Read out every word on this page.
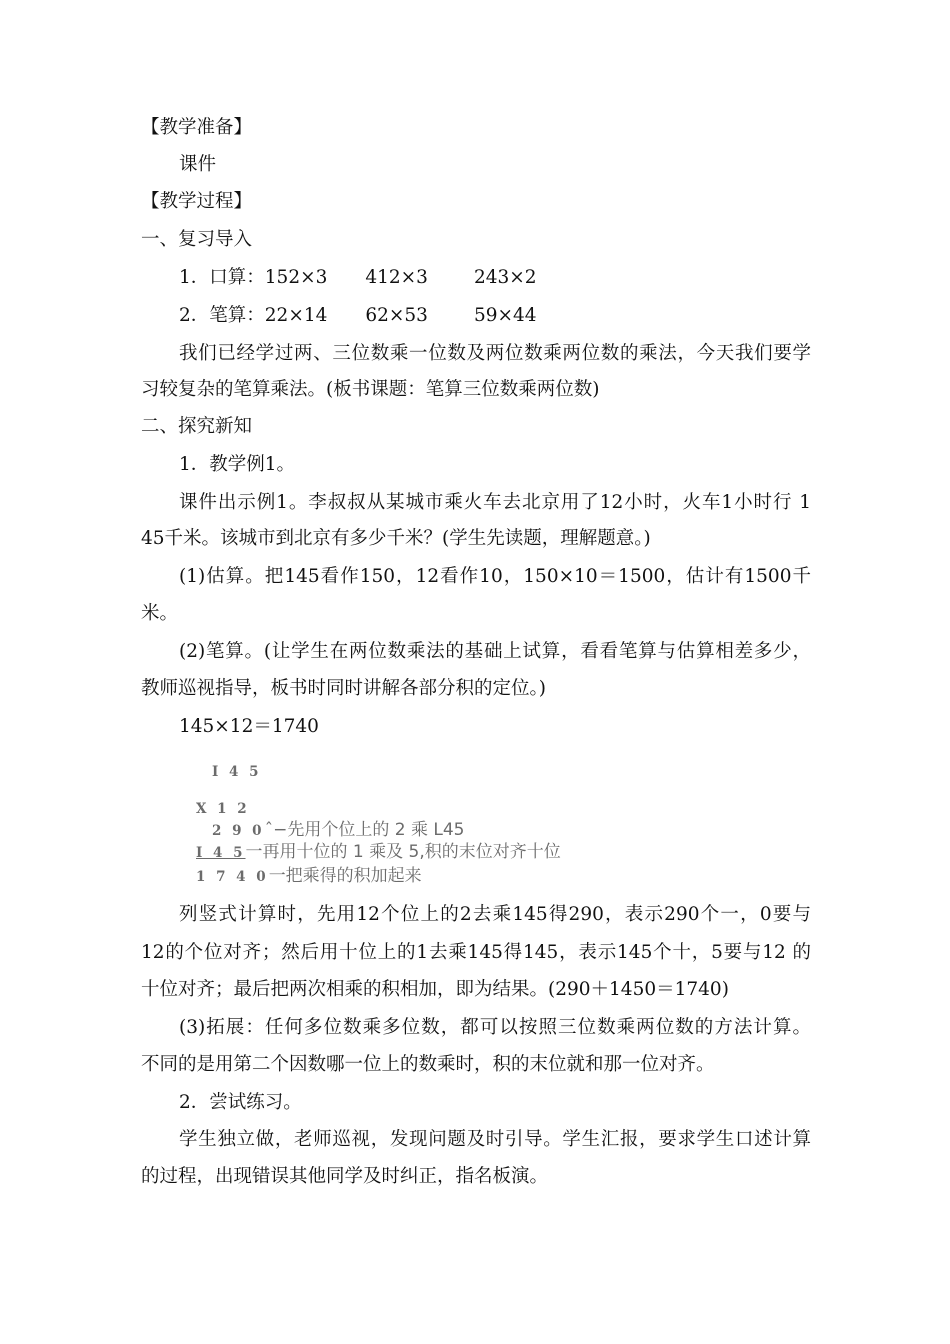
【教学准备】
课件
【教学过程】
一、复习导入
1．口算：152×3 412×3 243×2
2．笔算：22×14 62×53 59×44
我们已经学过两、三位数乘一位数及两位数乘两位数的乘法，今天我们要学
习较复杂的笔算乘法。(板书课题：笔算三位数乘两位数)
二、探究新知
1．教学例1。
课件出示例1。李叔叔从某城市乘火车去北京用了12小时，火车1小时行 1
45千米。该城市到北京有多少千米？(学生先读题，理解题意。)
(1)估算。把145看作150，12看作10，150×10＝1500，估计有1500千
米。
(2)笔算。(让学生在两位数乘法的基础上试算，看看笔算与估算相差多少，
教师巡视指导，板书时同时讲解各部分积的定位。)
145×12＝1740
I 4 5
X 1 2
2 9 0ˆ−先用个位上的 2 乘 L45
I 4 5一再用十位的 1 乘及 5,积的末位对齐十位
1 7 4 0一把乘得的积加起来
列竖式计算时，先用12个位上的2去乘145得290，表示290个一，0要与
12的个位对齐；然后用十位上的1去乘145得145，表示145个十，5要与12 的
十位对齐；最后把两次相乘的积相加，即为结果。(290＋1450＝1740)
(3)拓展：任何多位数乘多位数，都可以按照三位数乘两位数的方法计算。
不同的是用第二个因数哪一位上的数乘时，积的末位就和那一位对齐。
2．尝试练习。
学生独立做，老师巡视，发现问题及时引导。学生汇报，要求学生口述计算
的过程，出现错误其他同学及时纠正，指名板演。
